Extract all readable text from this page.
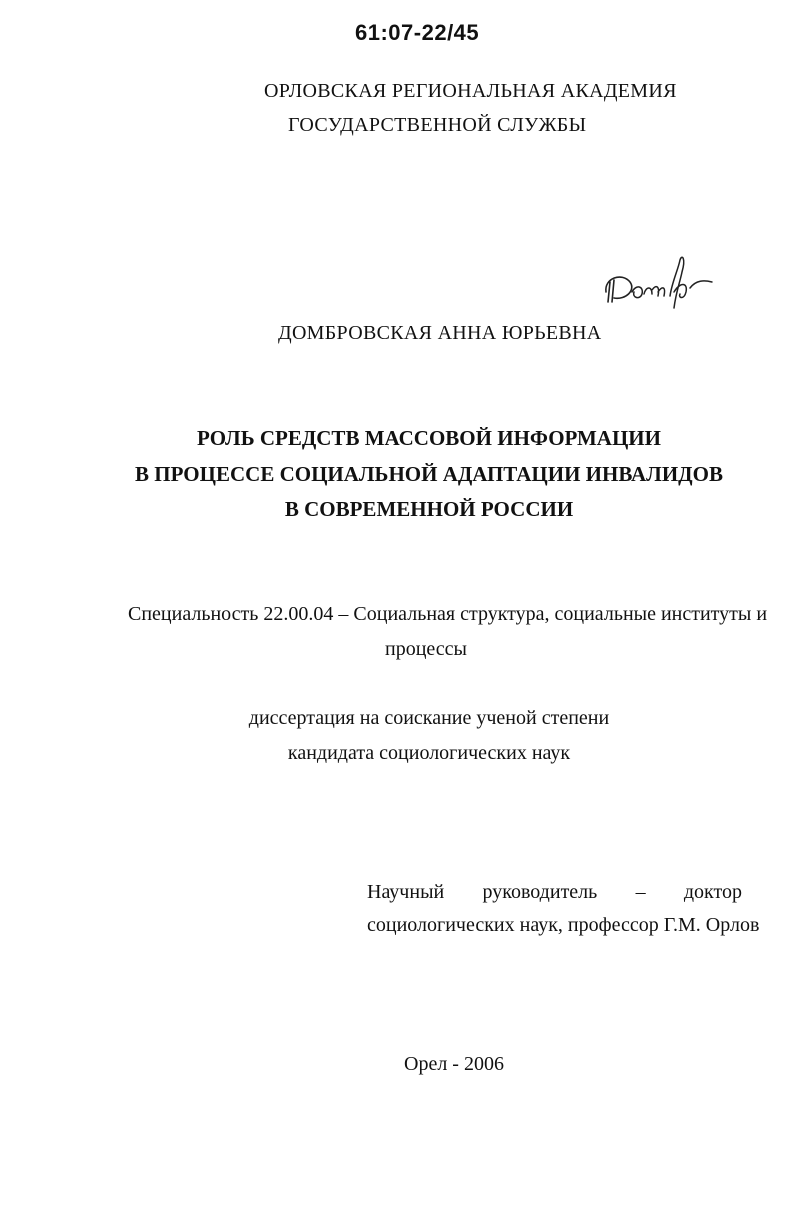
61:07-22/45
ОРЛОВСКАЯ РЕГИОНАЛЬНАЯ АКАДЕМИЯ
ГОСУДАРСТВЕННОЙ СЛУЖБЫ
ДОМБРОВСКАЯ АННА ЮРЬЕВНА
РОЛЬ СРЕДСТВ МАССОВОЙ ИНФОРМАЦИИ
В ПРОЦЕССЕ СОЦИАЛЬНОЙ АДАПТАЦИИ ИНВАЛИДОВ
В СОВРЕМЕННОЙ РОССИИ
Специальность 22.00.04 – Социальная структура, социальные институты и
процессы
диссертация на соискание ученой степени
кандидата социологических наук
Научный руководитель – доктор
социологических наук, профессор Г.М. Орлов
Орел - 2006
